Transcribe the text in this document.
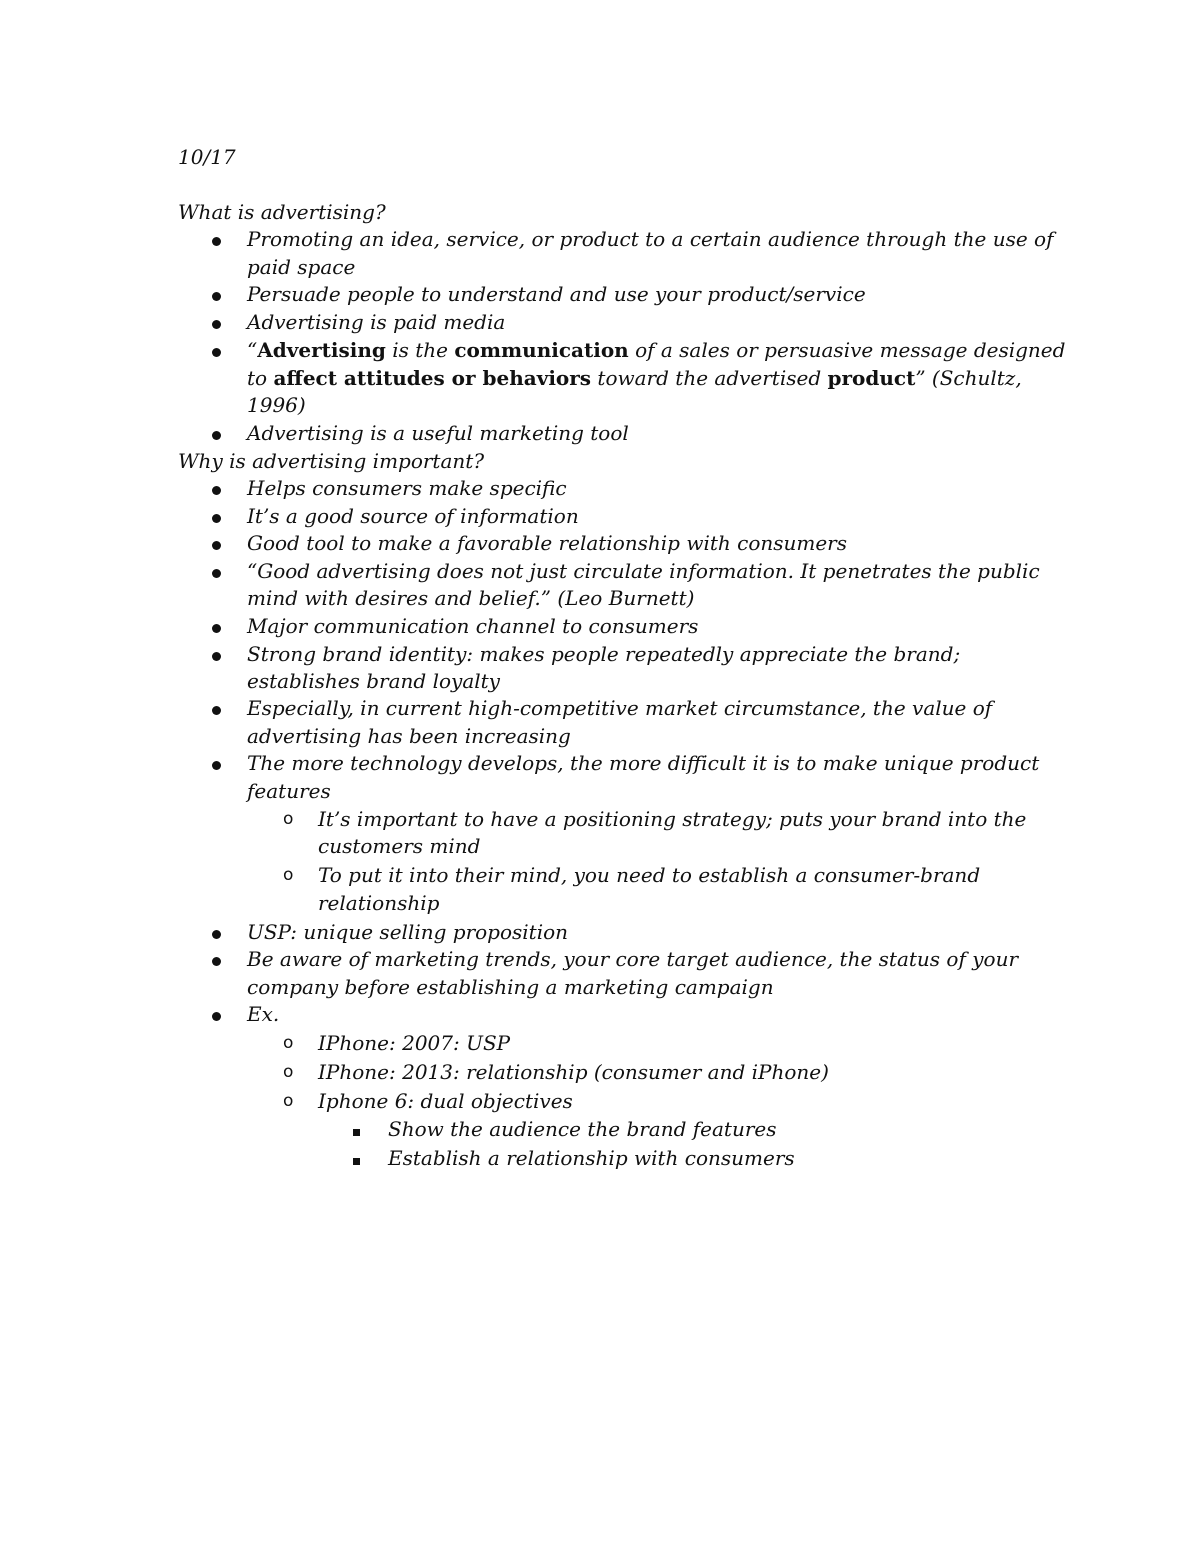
10/17
What is advertising?
Promoting an idea, service, or product to a certain audience through the use of
paid space
Persuade people to understand and use your product/service
Advertising is paid media
“Advertising is the communication of a sales or persuasive message designed
to affect attitudes or behaviors toward the advertised product” (Schultz,
1996)
Advertising is a useful marketing tool
Why is advertising important?
Helps consumers make specific
It’s a good source of information
Good tool to make a favorable relationship with consumers
“Good advertising does not just circulate information. It penetrates the public
mind with desires and belief.” (Leo Burnett)
Major communication channel to consumers
Strong brand identity: makes people repeatedly appreciate the brand;
establishes brand loyalty
Especially, in current high-competitive market circumstance, the value of
advertising has been increasing
The more technology develops, the more difficult it is to make unique product
features
o It’s important to have a positioning strategy; puts your brand into the
customers mind
o To put it into their mind, you need to establish a consumer-brand
relationship
USP: unique selling proposition
Be aware of marketing trends, your core target audience, the status of your
company before establishing a marketing campaign
Ex.
o IPhone: 2007: USP
o IPhone: 2013: relationship (consumer and iPhone)
o Iphone 6: dual objectives
Show the audience the brand features
Establish a relationship with consumers
